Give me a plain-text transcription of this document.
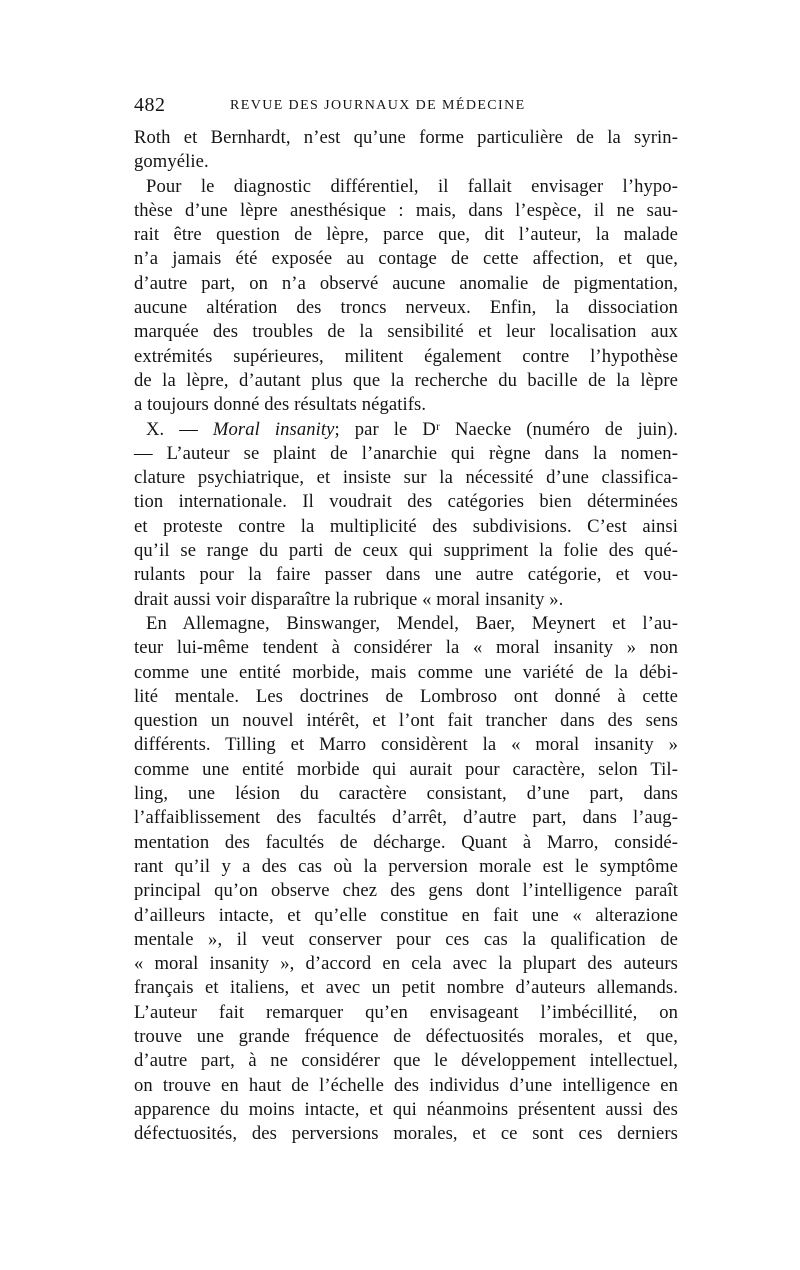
482	REVUE DES JOURNAUX DE MÉDECINE
Roth et Bernhardt, n’est qu’une forme particulière de la syrin-
gomyélie.
Pour le diagnostic différentiel, il fallait envisager l’hypo-
thèse d’une lèpre anesthésique : mais, dans l’espèce, il ne sau-
rait être question de lèpre, parce que, dit l’auteur, la malade
n’a jamais été exposée au contage de cette affection, et que,
d’autre part, on n’a observé aucune anomalie de pigmentation,
aucune altération des troncs nerveux. Enfin, la dissociation
marquée des troubles de la sensibilité et leur localisation aux
extrémités supérieures, militent également contre l’hypothèse
de la lèpre, d’autant plus que la recherche du bacille de la lèpre
a toujours donné des résultats négatifs.
X. — Moral insanity; par le Dʳ Naecke (numéro de juin).
— L’auteur se plaint de l’anarchie qui règne dans la nomen-
clature psychiatrique, et insiste sur la nécessité d’une classifica-
tion internationale. Il voudrait des catégories bien déterminées
et proteste contre la multiplicité des subdivisions. C’est ainsi
qu’il se range du parti de ceux qui suppriment la folie des qué-
rulants pour la faire passer dans une autre catégorie, et vou-
drait aussi voir disparaître la rubrique « moral insanity ».
En Allemagne, Binswanger, Mendel, Baer, Meynert et l’au-
teur lui-même tendent à considérer la « moral insanity » non
comme une entité morbide, mais comme une variété de la débi-
lité mentale. Les doctrines de Lombroso ont donné à cette
question un nouvel intérêt, et l’ont fait trancher dans des sens
différents. Tilling et Marro considèrent la « moral insanity »
comme une entité morbide qui aurait pour caractère, selon Til-
ling, une lésion du caractère consistant, d’une part, dans
l’affaiblissement des facultés d’arrêt, d’autre part, dans l’aug-
mentation des facultés de décharge. Quant à Marro, considé-
rant qu’il y a des cas où la perversion morale est le symptôme
principal qu’on observe chez des gens dont l’intelligence paraît
d’ailleurs intacte, et qu’elle constitue en fait une « alterazione
mentale », il veut conserver pour ces cas la qualification de
« moral insanity », d’accord en cela avec la plupart des auteurs
français et italiens, et avec un petit nombre d’auteurs allemands.
L’auteur fait remarquer qu’en envisageant l’imbécillité, on
trouve une grande fréquence de défectuosités morales, et que,
d’autre part, à ne considérer que le développement intellectuel,
on trouve en haut de l’échelle des individus d’une intelligence en
apparence du moins intacte, et qui néanmoins présentent aussi des
défectuosités, des perversions morales, et ce sont ces derniers
